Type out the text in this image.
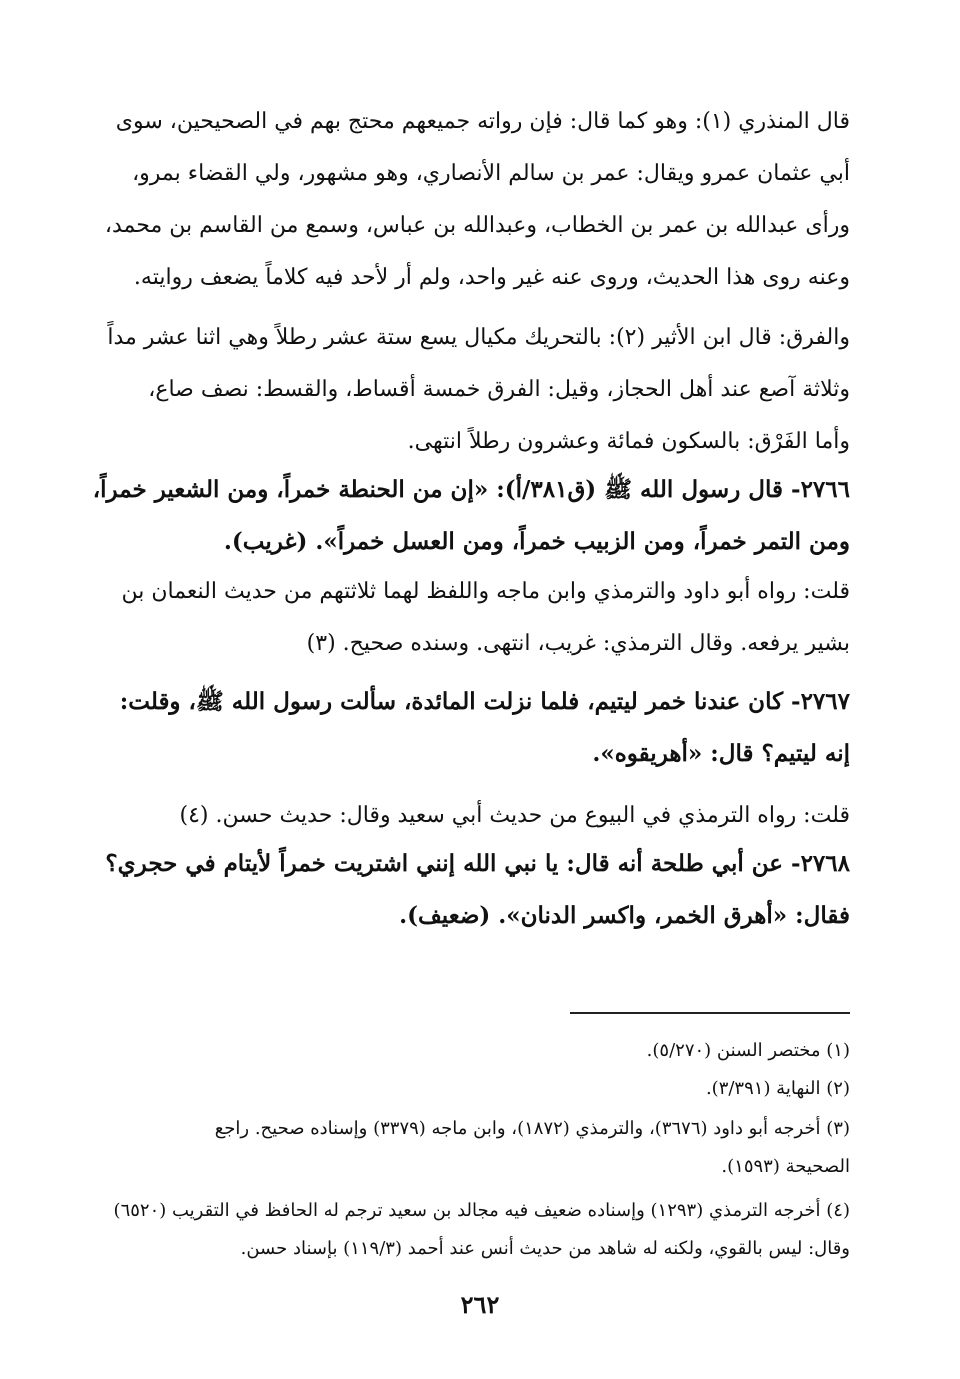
قال المنذري (١): وهو كما قال: فإن رواته جميعهم محتج بهم في الصحيحين، سوى
أبي عثمان عمرو ويقال: عمر بن سالم الأنصاري، وهو مشهور، ولي القضاء بمرو،
ورأى عبدالله بن عمر بن الخطاب، وعبدالله بن عباس، وسمع من القاسم بن محمد،
وعنه روى هذا الحديث، وروى عنه غير واحد، ولم أر لأحد فيه كلاماً يضعف روايته.
والفرق: قال ابن الأثير (٢): بالتحريك مكيال يسع ستة عشر رطلاً وهي اثنا عشر مداً
وثلاثة آصع عند أهل الحجاز، وقيل: الفرق خمسة أقساط، والقسط: نصف صاع،
وأما الفَرْق: بالسكون فمائة وعشرون رطلاً انتهى.
٢٧٦٦- قال رسول الله ﷺ (ق٣٨١/أ): «إن من الحنطة خمراً، ومن الشعير خمراً،
ومن التمر خمراً، ومن الزبيب خمراً، ومن العسل خمراً». (غريب).
قلت: رواه أبو داود والترمذي وابن ماجه واللفظ لهما ثلاثتهم من حديث النعمان بن
بشير يرفعه. وقال الترمذي: غريب، انتهى. وسنده صحيح. (٣)
٢٧٦٧- كان عندنا خمر ليتيم، فلما نزلت المائدة، سألت رسول الله ﷺ، وقلت:
إنه ليتيم؟ قال: «أهريقوه».
قلت: رواه الترمذي في البيوع من حديث أبي سعيد وقال: حديث حسن. (٤)
٢٧٦٨- عن أبي طلحة أنه قال: يا نبي الله إنني اشتريت خمراً لأيتام في حجري؟
فقال: «أهرق الخمر، واكسر الدنان». (ضعيف).
(١) مختصر السنن (٥/٢٧٠).
(٢) النهاية (٣/٣٩١).
(٣) أخرجه أبو داود (٣٦٧٦)، والترمذي (١٨٧٢)، وابن ماجه (٣٣٧٩) وإسناده صحيح. راجع
الصحيحة (١٥٩٣).
(٤) أخرجه الترمذي (١٢٩٣) وإسناده ضعيف فيه مجالد بن سعيد ترجم له الحافظ في التقريب (٦٥٢٠)
وقال: ليس بالقوي، ولكنه له شاهد من حديث أنس عند أحمد (١١٩/٣) بإسناد حسن.
٢٦٢
